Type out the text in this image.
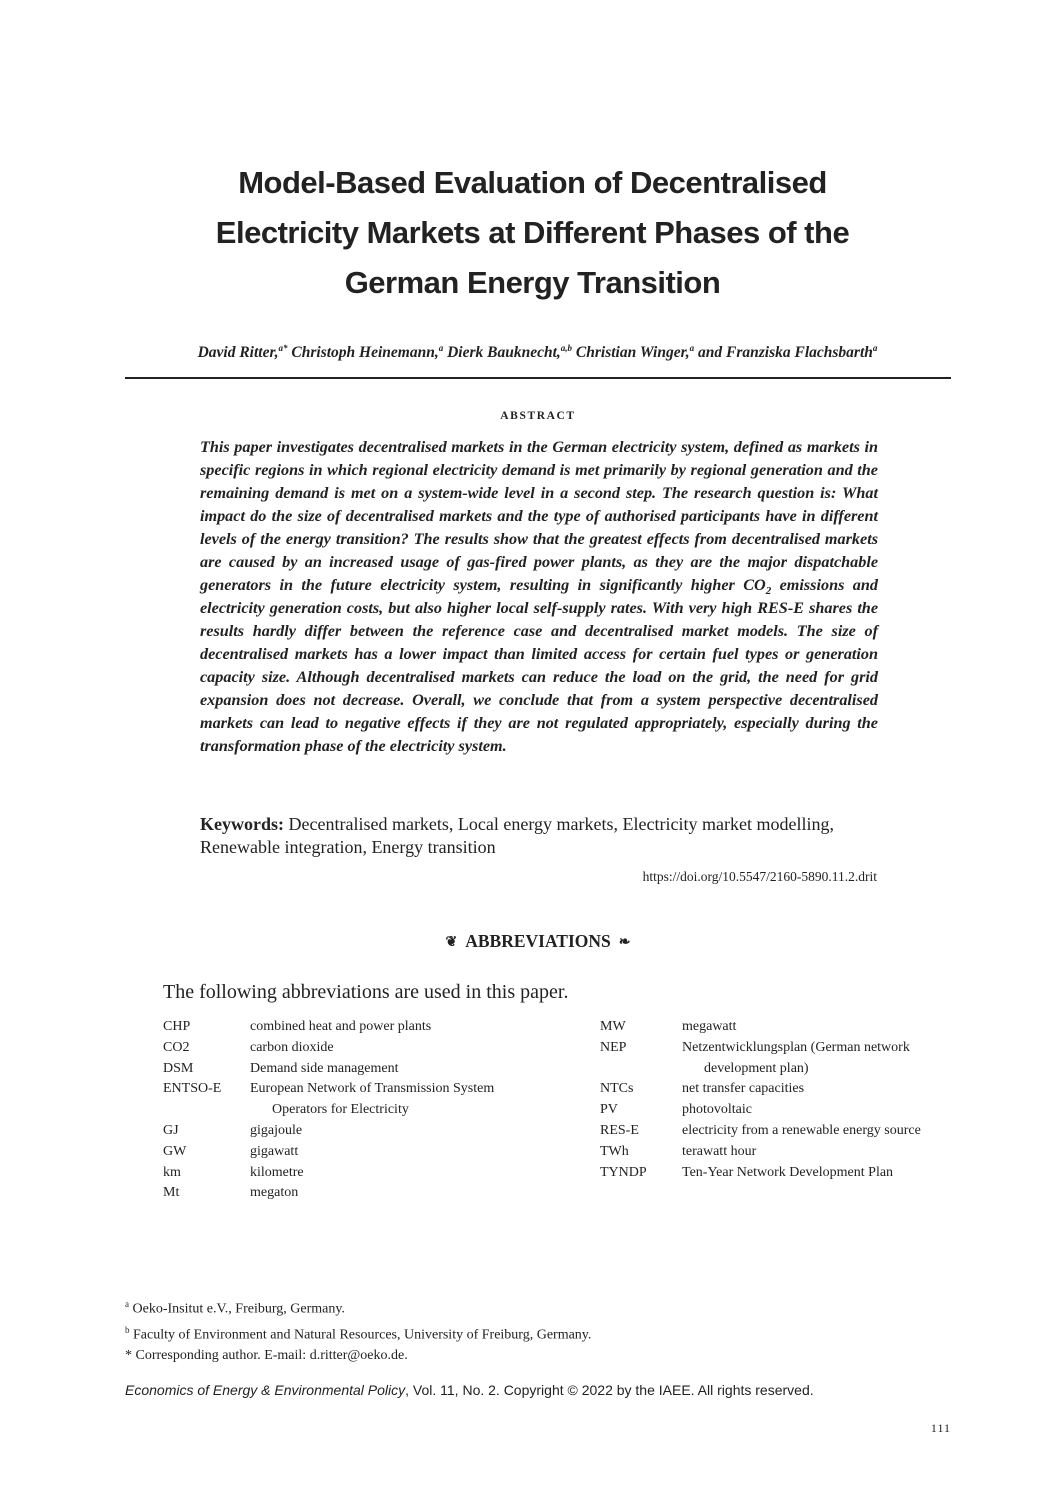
Model-Based Evaluation of Decentralised
Electricity Markets at Different Phases of the
German Energy Transition
David Ritter,$^{a*}$ Christoph Heinemann,$^a$ Dierk Bauknecht,$^{a,b}$ Christian Winger,$^a$ and Franziska Flachsbarth$^a$
ABSTRACT
This paper investigates decentralised markets in the German electricity system, defined as markets in specific regions in which regional electricity demand is met primarily by regional generation and the remaining demand is met on a system-wide level in a second step. The research question is: What impact do the size of decentralised markets and the type of authorised participants have in different levels of the energy transition? The results show that the greatest effects from decentralised markets are caused by an increased usage of gas-fired power plants, as they are the major dispatchable generators in the future electricity system, resulting in significantly higher $CO_2$ emissions and electricity generation costs, but also higher local self-supply rates. With very high RES-E shares the results hardly differ between the reference case and decentralised market models. The size of decentralised markets has a lower impact than limited access for certain fuel types or generation capacity size. Although decentralised markets can reduce the load on the grid, the need for grid expansion does not decrease. Overall, we conclude that from a system perspective decentralised markets can lead to negative effects if they are not regulated appropriately, especially during the transformation phase of the electricity system.
Keywords: Decentralised markets, Local energy markets, Electricity market modelling, Renewable integration, Energy transition
https://doi.org/10.5547/2160-5890.11.2.drit
❦ ABBREVIATIONS ❧
The following abbreviations are used in this paper.
CHP	combined heat and power plants
CO2	carbon dioxide
DSM	Demand side management
ENTSO-E	European Network of Transmission System
Operators for Electricity
GJ	gigajoule
GW	gigawatt
km	kilometre
Mt	megaton
MW	megawatt
NEP	Netzentwicklungsplan (German network
development plan)
NTCs	net transfer capacities
PV	photovoltaic
RES-E	electricity from a renewable energy source
TWh	terawatt hour
TYNDP	Ten-Year Network Development Plan
$^a$ Oeko-Insitut e.V., Freiburg, Germany.
$^b$ Faculty of Environment and Natural Resources, University of Freiburg, Germany.
* Corresponding author. E-mail: d.ritter@oeko.de.
Economics of Energy & Environmental Policy, Vol. 11, No. 2. Copyright © 2022 by the IAEE. All rights reserved.
111
